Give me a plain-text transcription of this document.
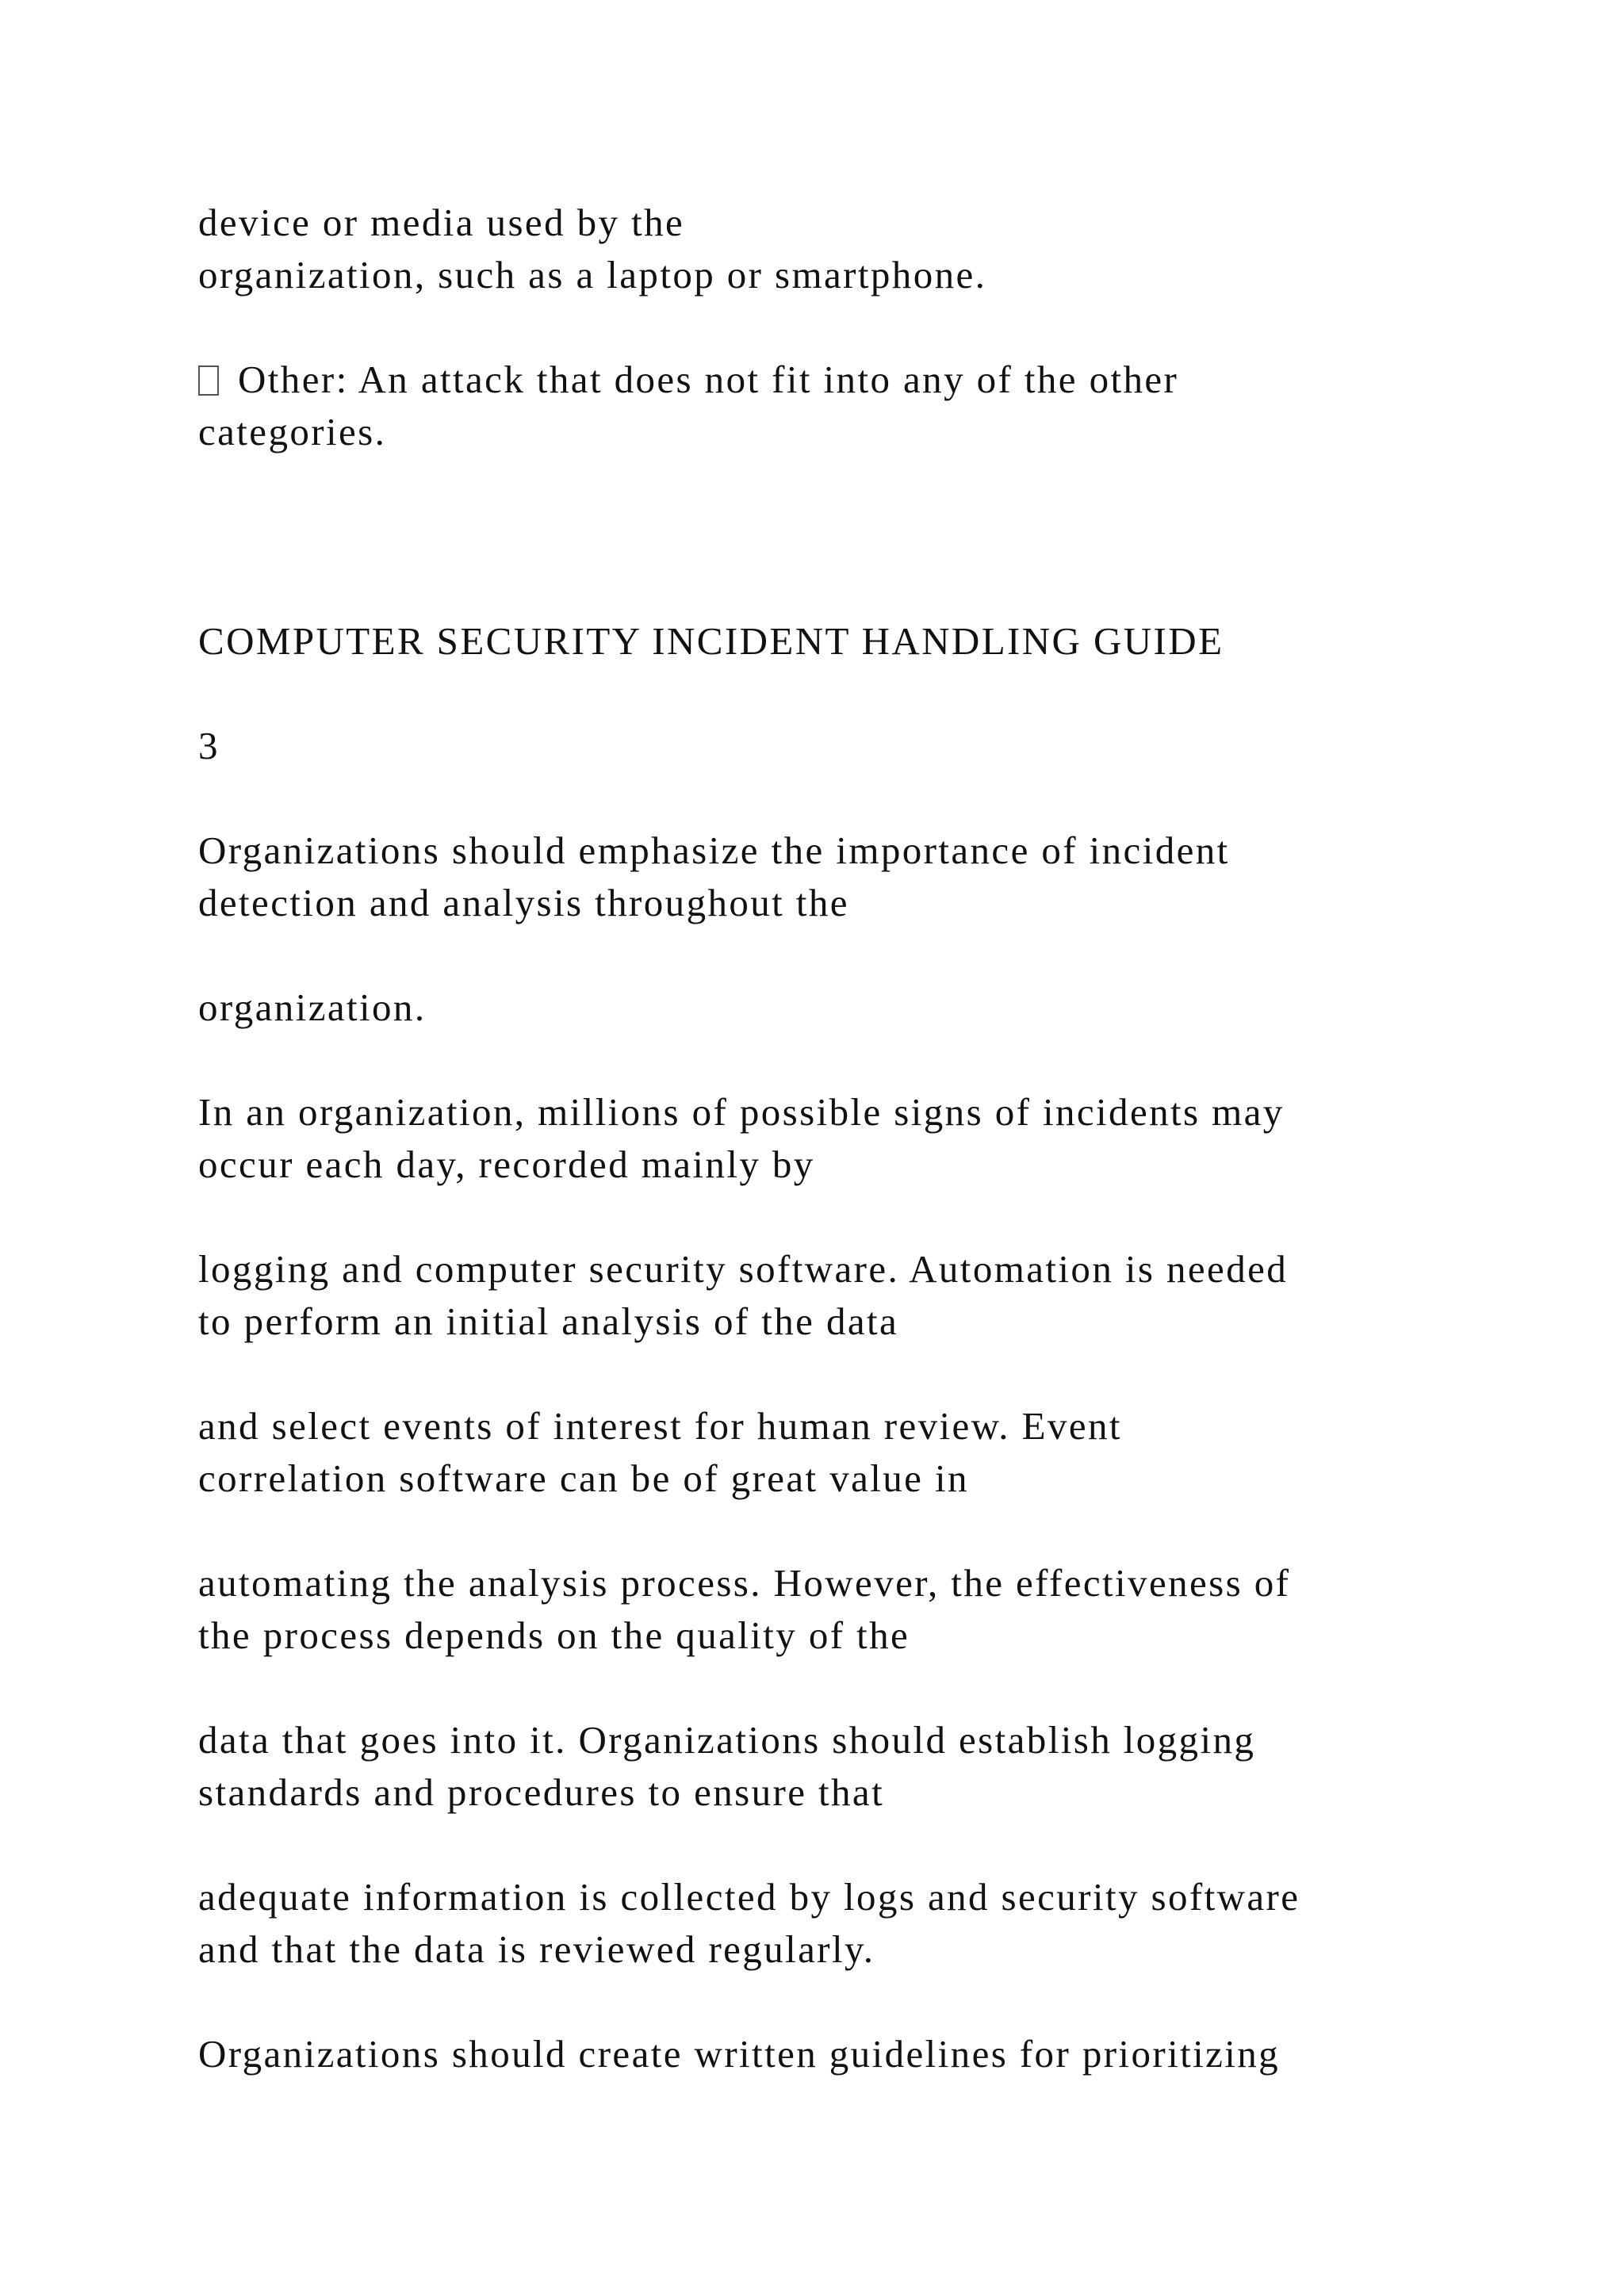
device or media used by the

organization, such as a laptop or smartphone.

Other: An attack that does not fit into any of the other

categories.

COMPUTER SECURITY INCIDENT HANDLING GUIDE

3

Organizations should emphasize the importance of incident

detection and analysis throughout the

organization.

In an organization, millions of possible signs of incidents may

occur each day, recorded mainly by

logging and computer security software. Automation is needed

to perform an initial analysis of the data

and select events of interest for human review. Event

correlation software can be of great value in

automating the analysis process. However, the effectiveness of

the process depends on the quality of the

data that goes into it. Organizations should establish logging

standards and procedures to ensure that

adequate information is collected by logs and security software

and that the data is reviewed regularly.

Organizations should create written guidelines for prioritizing
